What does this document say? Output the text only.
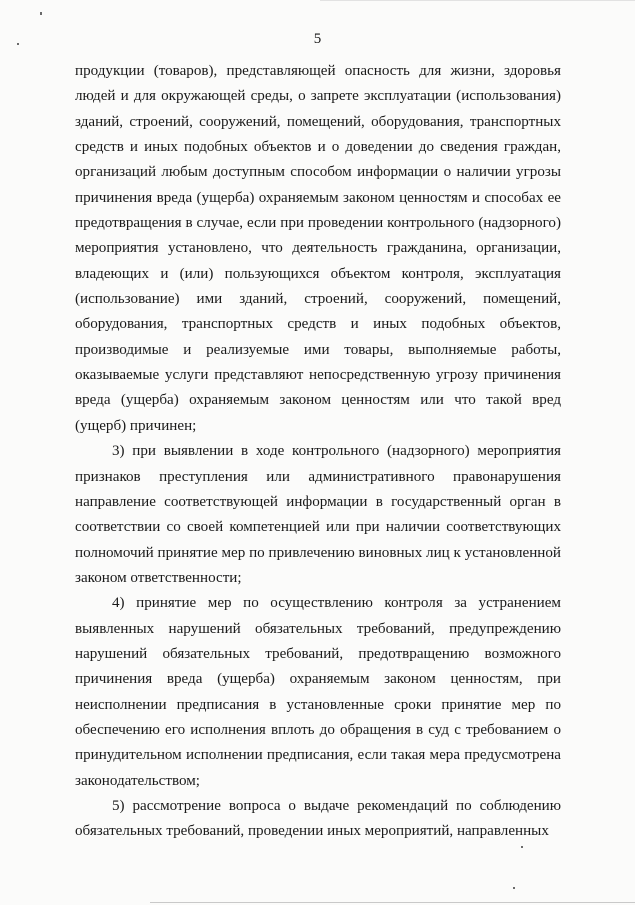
5

продукции (товаров), представляющей опасность для жизни, здоровья людей и для окружающей среды, о запрете эксплуатации (использования) зданий, строений, сооружений, помещений, оборудования, транспортных средств и иных подобных объектов и о доведении до сведения граждан, организаций любым доступным способом информации о наличии угрозы причинения вреда (ущерба) охраняемым законом ценностям и способах ее предотвращения в случае, если при проведении контрольного (надзорного) мероприятия установлено, что деятельность гражданина, организации, владеющих и (или) пользующихся объектом контроля, эксплуатация (использование) ими зданий, строений, сооружений, помещений, оборудования, транспортных средств и иных подобных объектов, производимые и реализуемые ими товары, выполняемые работы, оказываемые услуги представляют непосредственную угрозу причинения вреда (ущерба) охраняемым законом ценностям или что такой вред (ущерб) причинен;

3) при выявлении в ходе контрольного (надзорного) мероприятия признаков преступления или административного правонарушения направление соответствующей информации в государственный орган в соответствии со своей компетенцией или при наличии соответствующих полномочий принятие мер по привлечению виновных лиц к установленной законом ответственности;

4) принятие мер по осуществлению контроля за устранением выявленных нарушений обязательных требований, предупреждению нарушений обязательных требований, предотвращению возможного причинения вреда (ущерба) охраняемым законом ценностям, при неисполнении предписания в установленные сроки принятие мер по обеспечению его исполнения вплоть до обращения в суд с требованием о принудительном исполнении предписания, если такая мера предусмотрена законодательством;

5) рассмотрение вопроса о выдаче рекомендаций по соблюдению обязательных требований, проведении иных мероприятий, направленных
